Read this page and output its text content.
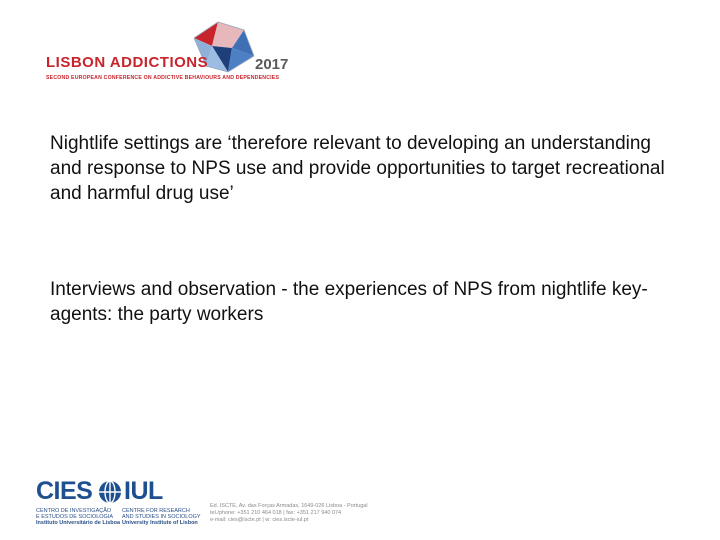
LISBON ADDICTIONS	2017
SECOND EUROPEAN CONFERENCE ON ADDICTIVE BEHAVIOURS AND DEPENDENCIES

Nightlife settings are ‘therefore relevant to developing an understanding and response to NPS use and provide opportunities to target recreational and harmful drug use’

Interviews and observation - the experiences of NPS from nightlife key-agents: the party workers

CIES IUL
CENTRO DE INVESTIGAÇÃO
E ESTUDOS DE SOCIOLOGIA
Instituto Universitário de Lisboa
CENTRE FOR RESEARCH
AND STUDIES IN SOCIOLOGY
University Institute of Lisbon
Ed. ISCTE, Av. das Forças Armadas, 1649-026 Lisboa - Portugal
tel./phone: +351 210 464 018 | fax: +351 217 940 074
e-mail: cies@iscte.pt | w: cies.iscte-iul.pt
